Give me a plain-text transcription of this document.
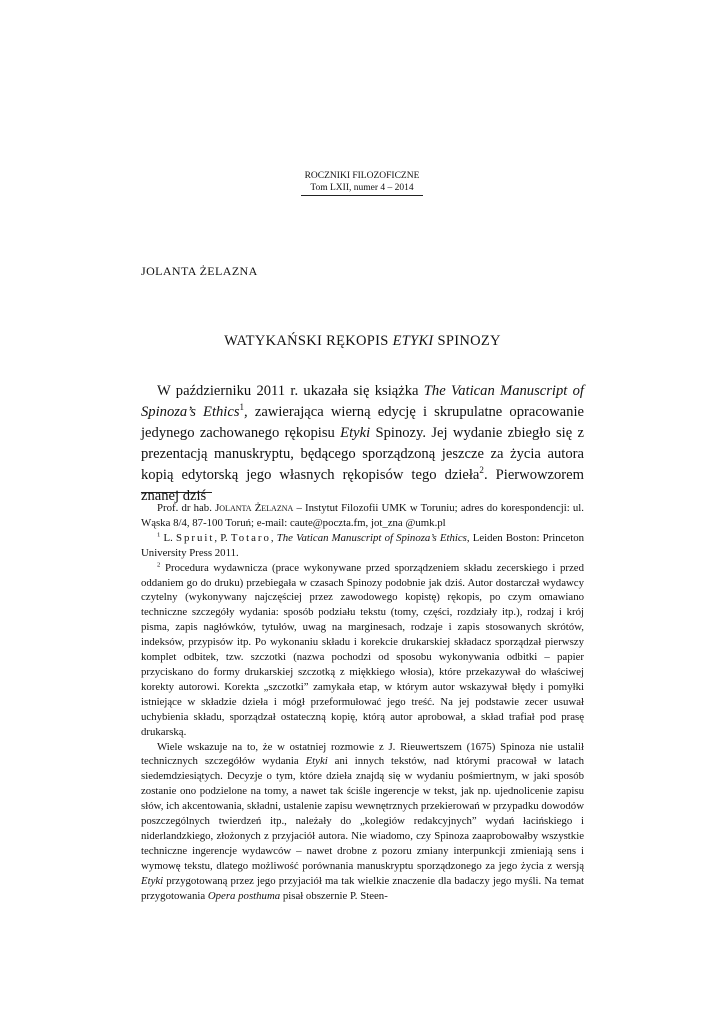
ROCZNIKI FILOZOFICZNE
Tom LXII, numer 4 – 2014
JOLANTA ŻELAZNA
WATYKAŃSKI RĘKOPIS ETYKI SPINOZY

W październiku 2011 r. ukazała się książka The Vatican Manuscript of Spinoza’s Ethics$^1$, zawierająca wierną edycję i skrupulatne opracowanie jedynego zachowanego rękopisu Etyki Spinozy. Jej wydanie zbiegło się z prezentacją manuskryptu, będącego sporządzoną jeszcze za życia autora kopią edytorską jego własnych rękopisów tego dzieła$^2$. Pierwowzorem znanej dziś

Prof. dr hab. Jolanta Żelazna – Instytut Filozofii UMK w Toruniu; adres do korespondencji: ul. Wąska 8/4, 87-100 Toruń; e-mail: caute@poczta.fm, jot_zna @umk.pl

$^1$ L. Spruit, P. Totaro, The Vatican Manuscript of Spinoza’s Ethics, Leiden Boston: Princeton University Press 2011.

$^2$ Procedura wydawnicza (prace wykonywane przed sporządzeniem składu zecerskiego i przed oddaniem go do druku) przebiegała w czasach Spinozy podobnie jak dziś. Autor dostarczał wydawcy czytelny (wykonywany najczęściej przez zawodowego kopistę) rękopis, po czym omawiano techniczne szczegóły wydania: sposób podziału tekstu (tomy, części, rozdziały itp.), rodzaj i krój pisma, zapis nagłówków, tytułów, uwag na marginesach, rodzaje i zapis stosowanych skrótów, indeksów, przypisów itp. Po wykonaniu składu i korekcie drukarskiej składacz sporządzał pierwszy komplet odbitek, tzw. szczotki (nazwa pochodzi od sposobu wykonywania odbitki – papier przyciskano do formy drukarskiej szczotką z miękkiego włosia), które przekazywał do właściwej korekty autorowi. Korekta „szczotki” zamykała etap, w którym autor wskazywał błędy i pomyłki istniejące w składzie dzieła i mógł przeformułować jego treść. Na jej podstawie zecer usuwał uchybienia składu, sporządzał ostateczną kopię, którą autor aprobował, a skład trafiał pod prasę drukarską.

Wiele wskazuje na to, że w ostatniej rozmowie z J. Rieuwertszem (1675) Spinoza nie ustalił technicznych szczegółów wydania Etyki ani innych tekstów, nad którymi pracował w latach siedemdziesiątych. Decyzje o tym, które dzieła znajdą się w wydaniu pośmiertnym, w jaki sposób zostanie ono podzielone na tomy, a nawet tak ściśle ingerencje w tekst, jak np. ujednolicenie zapisu słów, ich akcentowania, składni, ustalenie zapisu wewnętrznych przekierowań w przypadku dowodów poszczególnych twierdzeń itp., należały do „kolegiów redakcyjnych” wydań łacińskiego i niderlandzkiego, złożonych z przyjaciół autora. Nie wiadomo, czy Spinoza zaaprobowałby wszystkie techniczne ingerencje wydawców – nawet drobne z pozoru zmiany interpunkcji zmieniają sens i wymowę tekstu, dlatego możliwość porównania manuskryptu sporządzonego za jego życia z wersją Etyki przygotowaną przez jego przyjaciół ma tak wielkie znaczenie dla badaczy jego myśli. Na temat przygotowania Opera posthuma pisał obszernie P. Steen-
